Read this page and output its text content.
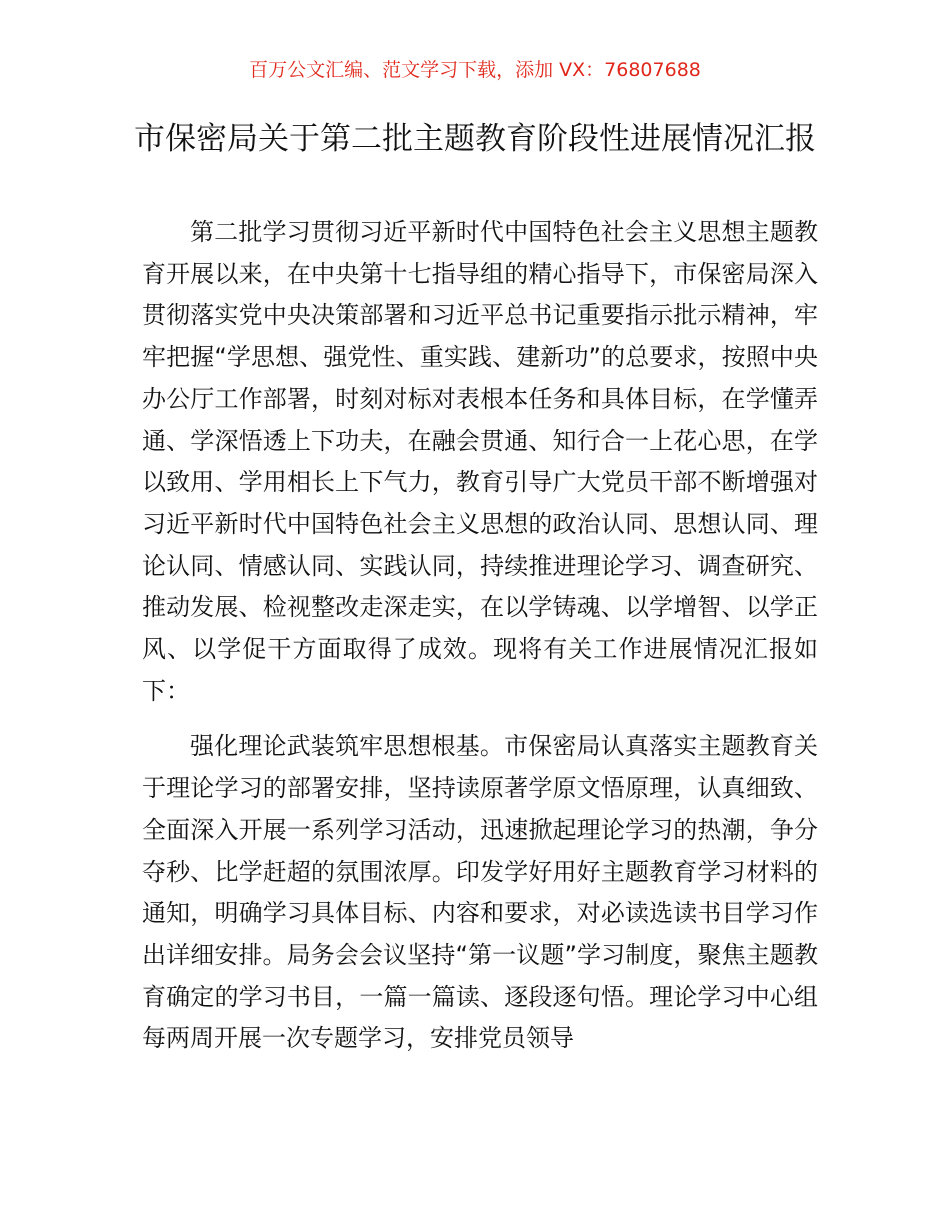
百万公文汇编、范文学习下载，添加 VX：76807688
市保密局关于第二批主题教育阶段性进展情况汇报

第二批学习贯彻习近平新时代中国特色社会主义思想主题教育开展以来，在中央第十七指导组的精心指导下，市保密局深入贯彻落实党中央决策部署和习近平总书记重要指示批示精神，牢牢把握“学思想、强党性、重实践、建新功”的总要求，按照中央办公厅工作部署，时刻对标对表根本任务和具体目标，在学懂弄通、学深悟透上下功夫，在融会贯通、知行合一上花心思，在学以致用、学用相长上下气力，教育引导广大党员干部不断增强对习近平新时代中国特色社会主义思想的政治认同、思想认同、理论认同、情感认同、实践认同，持续推进理论学习、调查研究、推动发展、检视整改走深走实，在以学铸魂、以学增智、以学正风、以学促干方面取得了成效。现将有关工作进展情况汇报如下：

强化理论武装筑牢思想根基。市保密局认真落实主题教育关于理论学习的部署安排，坚持读原著学原文悟原理，认真细致、全面深入开展一系列学习活动，迅速掀起理论学习的热潮，争分夺秒、比学赶超的氛围浓厚。印发学好用好主题教育学习材料的通知，明确学习具体目标、内容和要求，对必读选读书目学习作出详细安排。局务会会议坚持“第一议题”学习制度，聚焦主题教育确定的学习书目，一篇一篇读、逐段逐句悟。理论学习中心组每两周开展一次专题学习，安排党员领导
